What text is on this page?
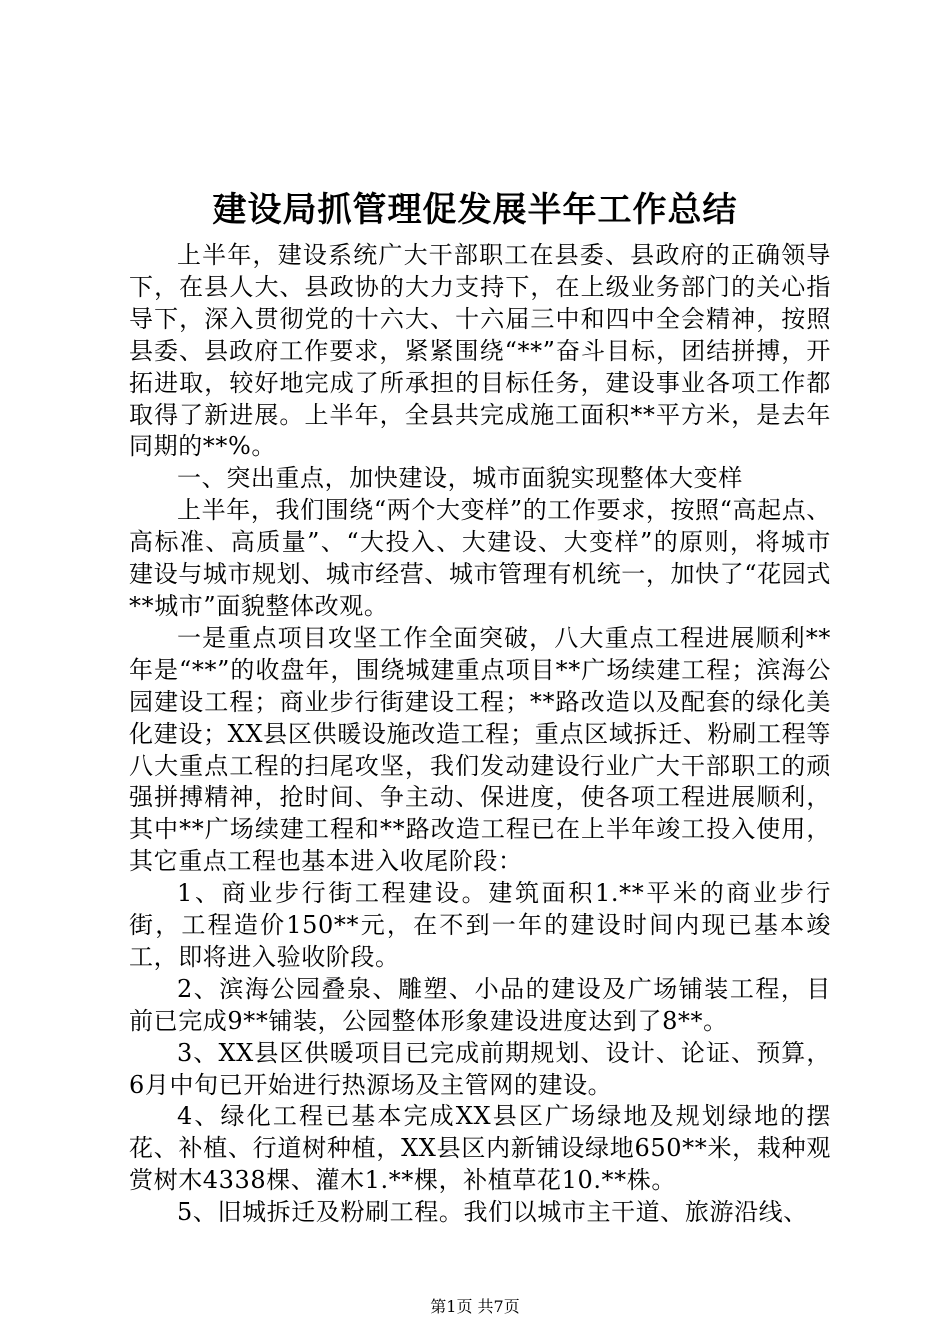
建设局抓管理促发展半年工作总结

上半年，建设系统广大干部职工在县委、县政府的正确领导下，在县人大、县政协的大力支持下，在上级业务部门的关心指导下，深入贯彻党的十六大、十六届三中和四中全会精神，按照县委、县政府工作要求，紧紧围绕“**”奋斗目标，团结拼搏，开拓进取，较好地完成了所承担的目标任务，建设事业各项工作都取得了新进展。上半年，全县共完成施工面积**平方米，是去年同期的**%。

一、突出重点，加快建设，城市面貌实现整体大变样

上半年，我们围绕“两个大变样”的工作要求，按照“高起点、高标准、高质量”、“大投入、大建设、大变样”的原则，将城市建设与城市规划、城市经营、城市管理有机统一，加快了“花园式**城市”面貌整体改观。

一是重点项目攻坚工作全面突破，八大重点工程进展顺利**年是“**”的收盘年，围绕城建重点项目**广场续建工程；滨海公园建设工程；商业步行街建设工程；**路改造以及配套的绿化美化建设；XX县区供暖设施改造工程；重点区域拆迁、粉刷工程等八大重点工程的扫尾攻坚，我们发动建设行业广大干部职工的顽强拼搏精神，抢时间、争主动、保进度，使各项工程进展顺利，其中**广场续建工程和**路改造工程已在上半年竣工投入使用，其它重点工程也基本进入收尾阶段：

1、商业步行街工程建设。建筑面积1.**平米的商业步行街，工程造价150**元，在不到一年的建设时间内现已基本竣工，即将进入验收阶段。

2、滨海公园叠泉、雕塑、小品的建设及广场铺装工程，目前已完成9**铺装，公园整体形象建设进度达到了8**。

3、XX县区供暖项目已完成前期规划、设计、论证、预算，6月中旬已开始进行热源场及主管网的建设。

4、绿化工程已基本完成XX县区广场绿地及规划绿地的摆花、补植、行道树种植，XX县区内新铺设绿地650**米，栽种观赏树木4338棵、灌木1.**棵，补植草花10.**株。

5、旧城拆迁及粉刷工程。我们以城市主干道、旅游沿线、

第1页 共7页
